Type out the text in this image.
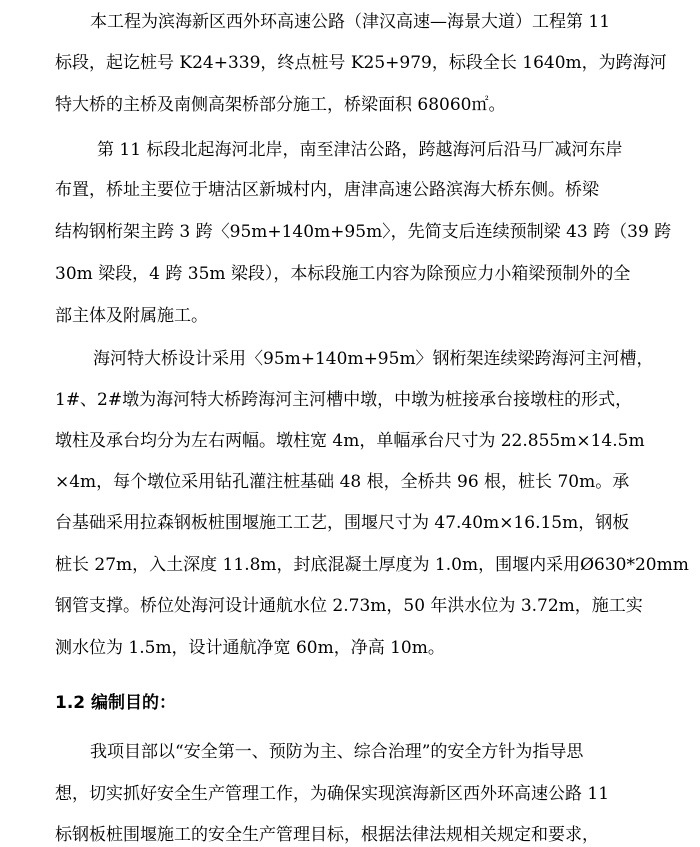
本工程为滨海新区西外环高速公路（津汉高速—海景大道）工程第 11
标段，起讫桩号 K24+339，终点桩号 K25+979，标段全长 1640m，为跨海河
特大桥的主桥及南侧高架桥部分施工，桥梁面积 68060㎡。
第 11 标段北起海河北岸，南至津沽公路，跨越海河后沿马厂减河东岸
布置，桥址主要位于塘沽区新城村内，唐津高速公路滨海大桥东侧。桥梁
结构钢桁架主跨 3 跨〈95m+140m+95m〉，先简支后连续预制梁 43 跨（39 跨
30m 梁段，4 跨 35m 梁段），本标段施工内容为除预应力小箱梁预制外的全
部主体及附属施工。
海河特大桥设计采用〈95m+140m+95m〉钢桁架连续梁跨海河主河槽，
1#、2#墩为海河特大桥跨海河主河槽中墩，中墩为桩接承台接墩柱的形式，
墩柱及承台均分为左右两幅。墩柱宽 4m，单幅承台尺寸为 22.855m×14.5m
×4m，每个墩位采用钻孔灌注桩基础 48 根，全桥共 96 根，桩长 70m。承
台基础采用拉森钢板桩围堰施工工艺，围堰尺寸为 47.40m×16.15m，钢板
桩长 27m，入土深度 11.8m，封底混凝土厚度为 1.0m，围堰内采用Ø630*20mm
钢管支撑。桥位处海河设计通航水位 2.73m，50 年洪水位为 3.72m，施工实
测水位为 1.5m，设计通航净宽 60m，净高 10m。
1.2 编制目的：
我项目部以“安全第一、预防为主、综合治理”的安全方针为指导思
想，切实抓好安全生产管理工作，为确保实现滨海新区西外环高速公路 11
标钢板桩围堰施工的安全生产管理目标，根据法律法规相关规定和要求，
